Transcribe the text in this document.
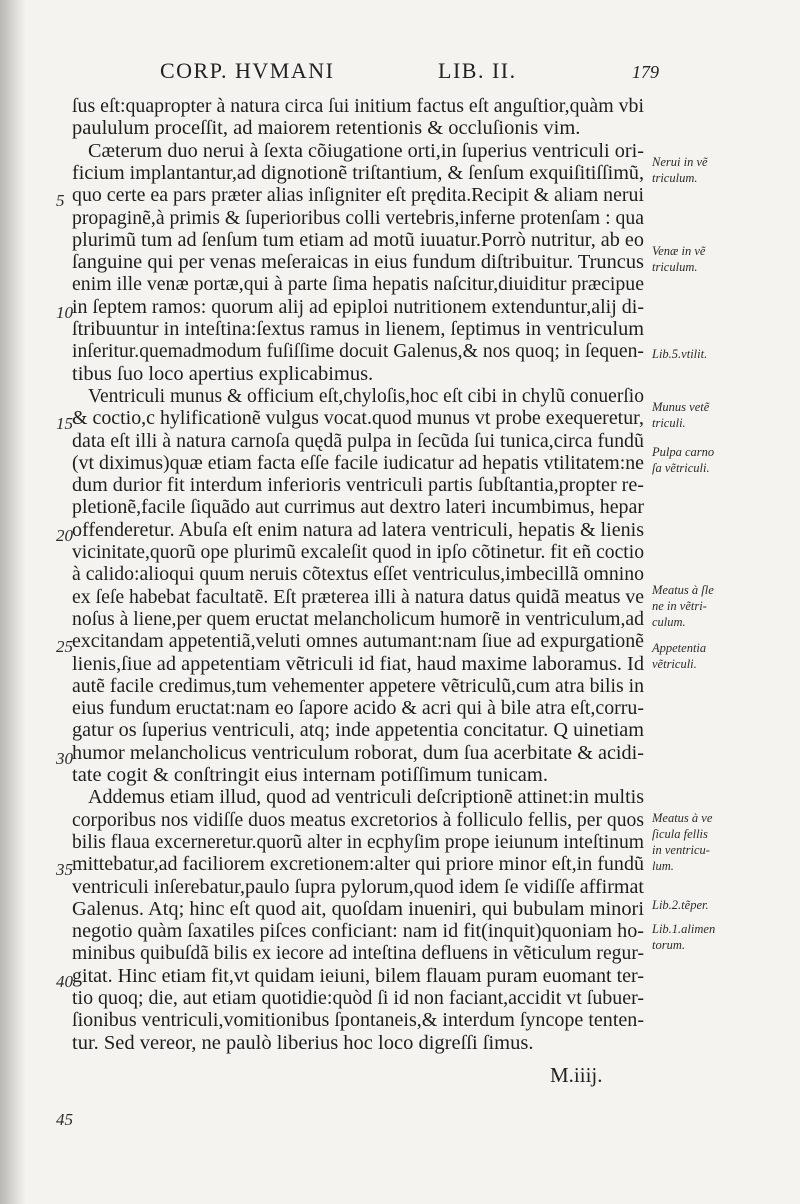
CORP. HVMANI	LIB. II.	179
ſus eſt:quapropter à natura circa ſui initium factus eſt anguſtior,quàm vbi
paululum proceſſit, ad maiorem retentionis & occluſionis vim.
Cæterum duo nerui à ſexta cõiugatione orti,in ſuperius ventriculi ori-
ficium implantantur,ad dignotionẽ triſtantium, & ſenſum exquiſitiſſimũ,
quo certe ea pars præter alias inſigniter eſt prędita.Recipit & aliam nerui
propaginẽ,à primis & ſuperioribus colli vertebris,inferne protenſam : qua
plurimũ tum ad ſenſum tum etiam ad motũ iuuatur.Porrò nutritur, ab eo
ſanguine qui per venas meſeraicas in eius fundum diſtribuitur. Truncus
enim ille venæ portæ,qui à parte ſima hepatis naſcitur,diuiditur præcipue
in ſeptem ramos: quorum alij ad epiploi nutritionem extenduntur,alij di-
ſtribuuntur in inteſtina:ſextus ramus in lienem, ſeptimus in ventriculum
inſeritur.quemadmodum fuſiſſime docuit Galenus,& nos quoq; in ſequen-
tibus ſuo loco apertius explicabimus.
Ventriculi munus & officium eſt,chyloſis,hoc eſt cibi in chylũ conuerſio
& coctio,c hylificationẽ vulgus vocat.quod munus vt probe exequeretur,
data eſt illi à natura carnoſa quędã pulpa in ſecũda ſui tunica,circa fundũ
(vt diximus)quæ etiam facta eſſe facile iudicatur ad hepatis vtilitatem:ne
dum durior fit interdum inferioris ventriculi partis ſubſtantia,propter re-
pletionẽ,facile ſiquãdo aut currimus aut dextro lateri incumbimus, hepar
offenderetur. Abuſa eſt enim natura ad latera ventriculi, hepatis & lienis
vicinitate,quorũ ope plurimũ excaleſit quod in ipſo cõtinetur. fit eñ coctio
à calido:alioqui quum neruis cõtextus eſſet ventriculus,imbecillã omnino
ex ſeſe habebat facultatẽ. Eſt præterea illi à natura datus quidã meatus ve
noſus à liene,per quem eructat melancholicum humorẽ in ventriculum,ad
excitandam appetentiã,veluti omnes autumant:nam ſiue ad expurgationẽ
lienis,ſiue ad appetentiam vẽtriculi id fiat, haud maxime laboramus. Id
autẽ facile credimus,tum vehementer appetere vẽtriculũ,cum atra bilis in
eius fundum eructat:nam eo ſapore acido & acri qui à bile atra eſt,corru-
gatur os ſuperius ventriculi, atq; inde appetentia concitatur. Q uinetiam
humor melancholicus ventriculum roborat, dum ſua acerbitate & acidi-
tate cogit & conſtringit eius internam potiſſimum tunicam.
Addemus etiam illud, quod ad ventriculi deſcriptionẽ attinet:in multis
corporibus nos vidiſſe duos meatus excretorios à folliculo fellis, per quos
bilis flaua excerneretur.quorũ alter in ecphyſim prope ieiunum inteſtinum
mittebatur,ad faciliorem excretionem:alter qui priore minor eſt,in fundũ
ventriculi inſerebatur,paulo ſupra pylorum,quod idem ſe vidiſſe affirmat
Galenus. Atq; hinc eſt quod ait, quoſdam inueniri, qui bubulam minori
negotio quàm ſaxatiles piſces conficiant: nam id fit(inquit)quoniam ho-
minibus quibuſdã bilis ex iecore ad inteſtina defluens in vẽticulum regur-
gitat. Hinc etiam fit,vt quidam ieiuni, bilem flauam puram euomant ter-
tio quoq; die, aut etiam quotidie:quòd ſi id non faciant,accidit vt ſubuer-
ſionibus ventriculi,vomitionibus ſpontaneis,& interdum ſyncope tenten-
tur. Sed vereor, ne paulò liberius hoc loco digreſſi ſimus.
5
10
15
20
25
30
35
40
45
Nerui in vẽ
triculum.
Venæ in vẽ
triculum.
Lib.5.vtilit.
Munus vetẽ
triculi.
Pulpa carno
ſa vẽtriculi.
Meatus à ſle
ne in vẽtri-
culum.
Appetentia
vẽtriculi.
Meatus à ve
ſicula fellis
in ventricu-
lum.
Lib.2.tẽper.
Lib.1.alimen
torum.
M.iiij.
